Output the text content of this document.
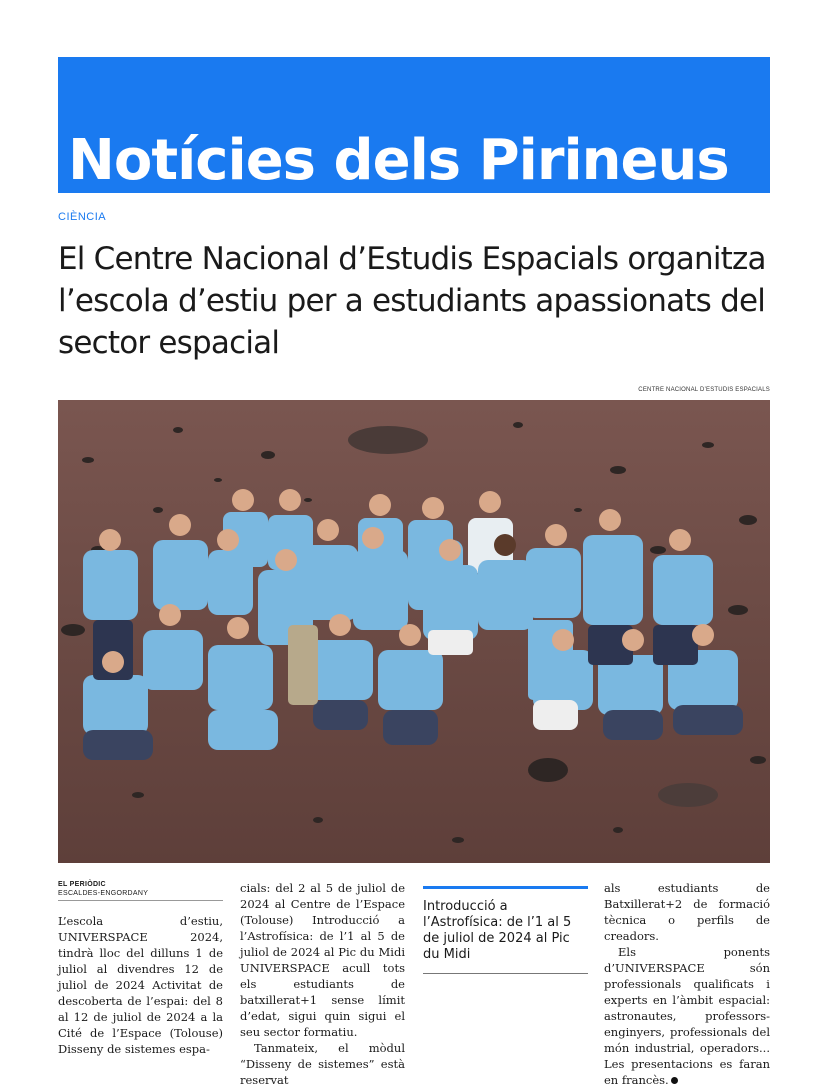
Notícies dels Pirineus
CIÈNCIA
El Centre Nacional d’Estudis Espacials organitza l’escola d’estiu per a estudiants apassionats del sector espacial
CENTRE NACIONAL D’ESTUDIS ESPACIALS
EL PERIÒDIC
ESCALDES-ENGORDANY

L’escola d’estiu, UNIVERSPACE 2024, tindrà lloc del dilluns 1 de juliol al divendres 12 de juliol de 2024 Activitat de descoberta de l’espai: del 8 al 12 de juliol de 2024 a la Cité de l’Espace (Tolouse) Disseny de sistemes espa-

cials: del 2 al 5 de juliol de 2024 al Centre de l’Espace (Tolouse) Introducció a l’Astrofísica: de l’1 al 5 de juliol de 2024 al Pic du Midi UNIVERSPACE acull tots els estudiants de batxillerat+1 sense límit d’edat, sigui quin sigui el seu sector formatiu.

Tanmateix, el mòdul “Disseny de sistemes” està reservat

Introducció a l’Astrofísica: de l’1 al 5 de juliol de 2024 al Pic du Midi

als estudiants de Batxillerat+2 de formació tècnica o perfils de creadors.

Els ponents d’UNIVERSPACE són professionals qualificats i experts en l’àmbit espacial: astronautes, professors-enginyers, professionals del món industrial, operadors... Les presentacions es faran en francès.
